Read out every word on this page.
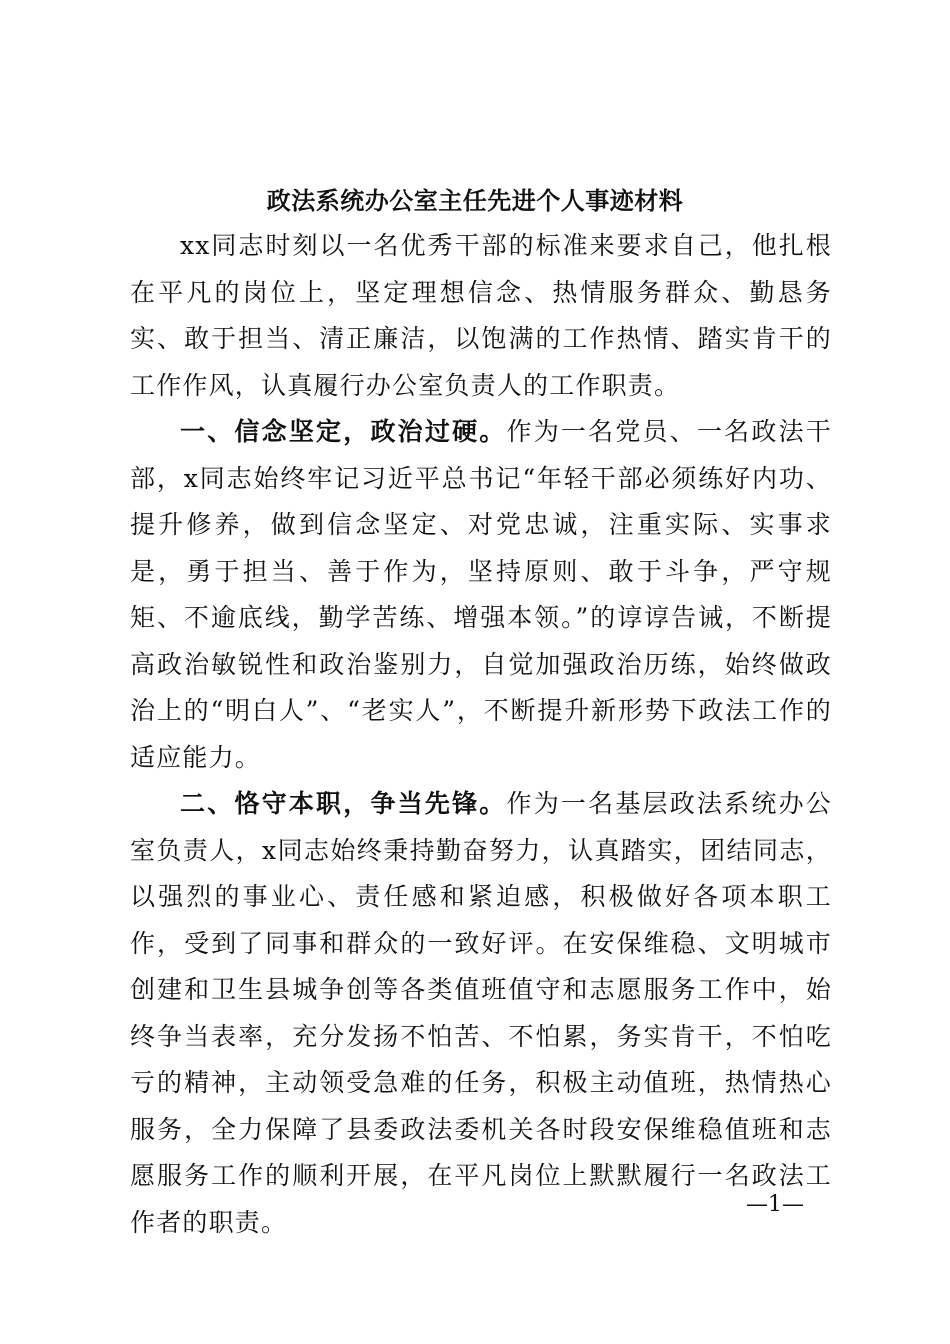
政法系统办公室主任先进个人事迹材料

xx同志时刻以一名优秀干部的标准来要求自己，他扎根在平凡的岗位上，坚定理想信念、热情服务群众、勤恳务实、敢于担当、清正廉洁，以饱满的工作热情、踏实肯干的工作作风，认真履行办公室负责人的工作职责。

一、信念坚定，政治过硬。作为一名党员、一名政法干部，x同志始终牢记习近平总书记“年轻干部必须练好内功、提升修养，做到信念坚定、对党忠诚，注重实际、实事求是，勇于担当、善于作为，坚持原则、敢于斗争，严守规矩、不逾底线，勤学苦练、增强本领。”的谆谆告诫，不断提高政治敏锐性和政治鉴别力，自觉加强政治历练，始终做政治上的“明白人”、“老实人”，不断提升新形势下政法工作的适应能力。

二、恪守本职，争当先锋。作为一名基层政法系统办公室负责人，x同志始终秉持勤奋努力，认真踏实，团结同志，以强烈的事业心、责任感和紧迫感，积极做好各项本职工作，受到了同事和群众的一致好评。在安保维稳、文明城市创建和卫生县城争创等各类值班值守和志愿服务工作中，始终争当表率，充分发扬不怕苦、不怕累，务实肯干，不怕吃亏的精神，主动领受急难的任务，积极主动值班，热情热心服务，全力保障了县委政法委机关各时段安保维稳值班和志愿服务工作的顺利开展，在平凡岗位上默默履行一名政法工作者的职责。

—1—
